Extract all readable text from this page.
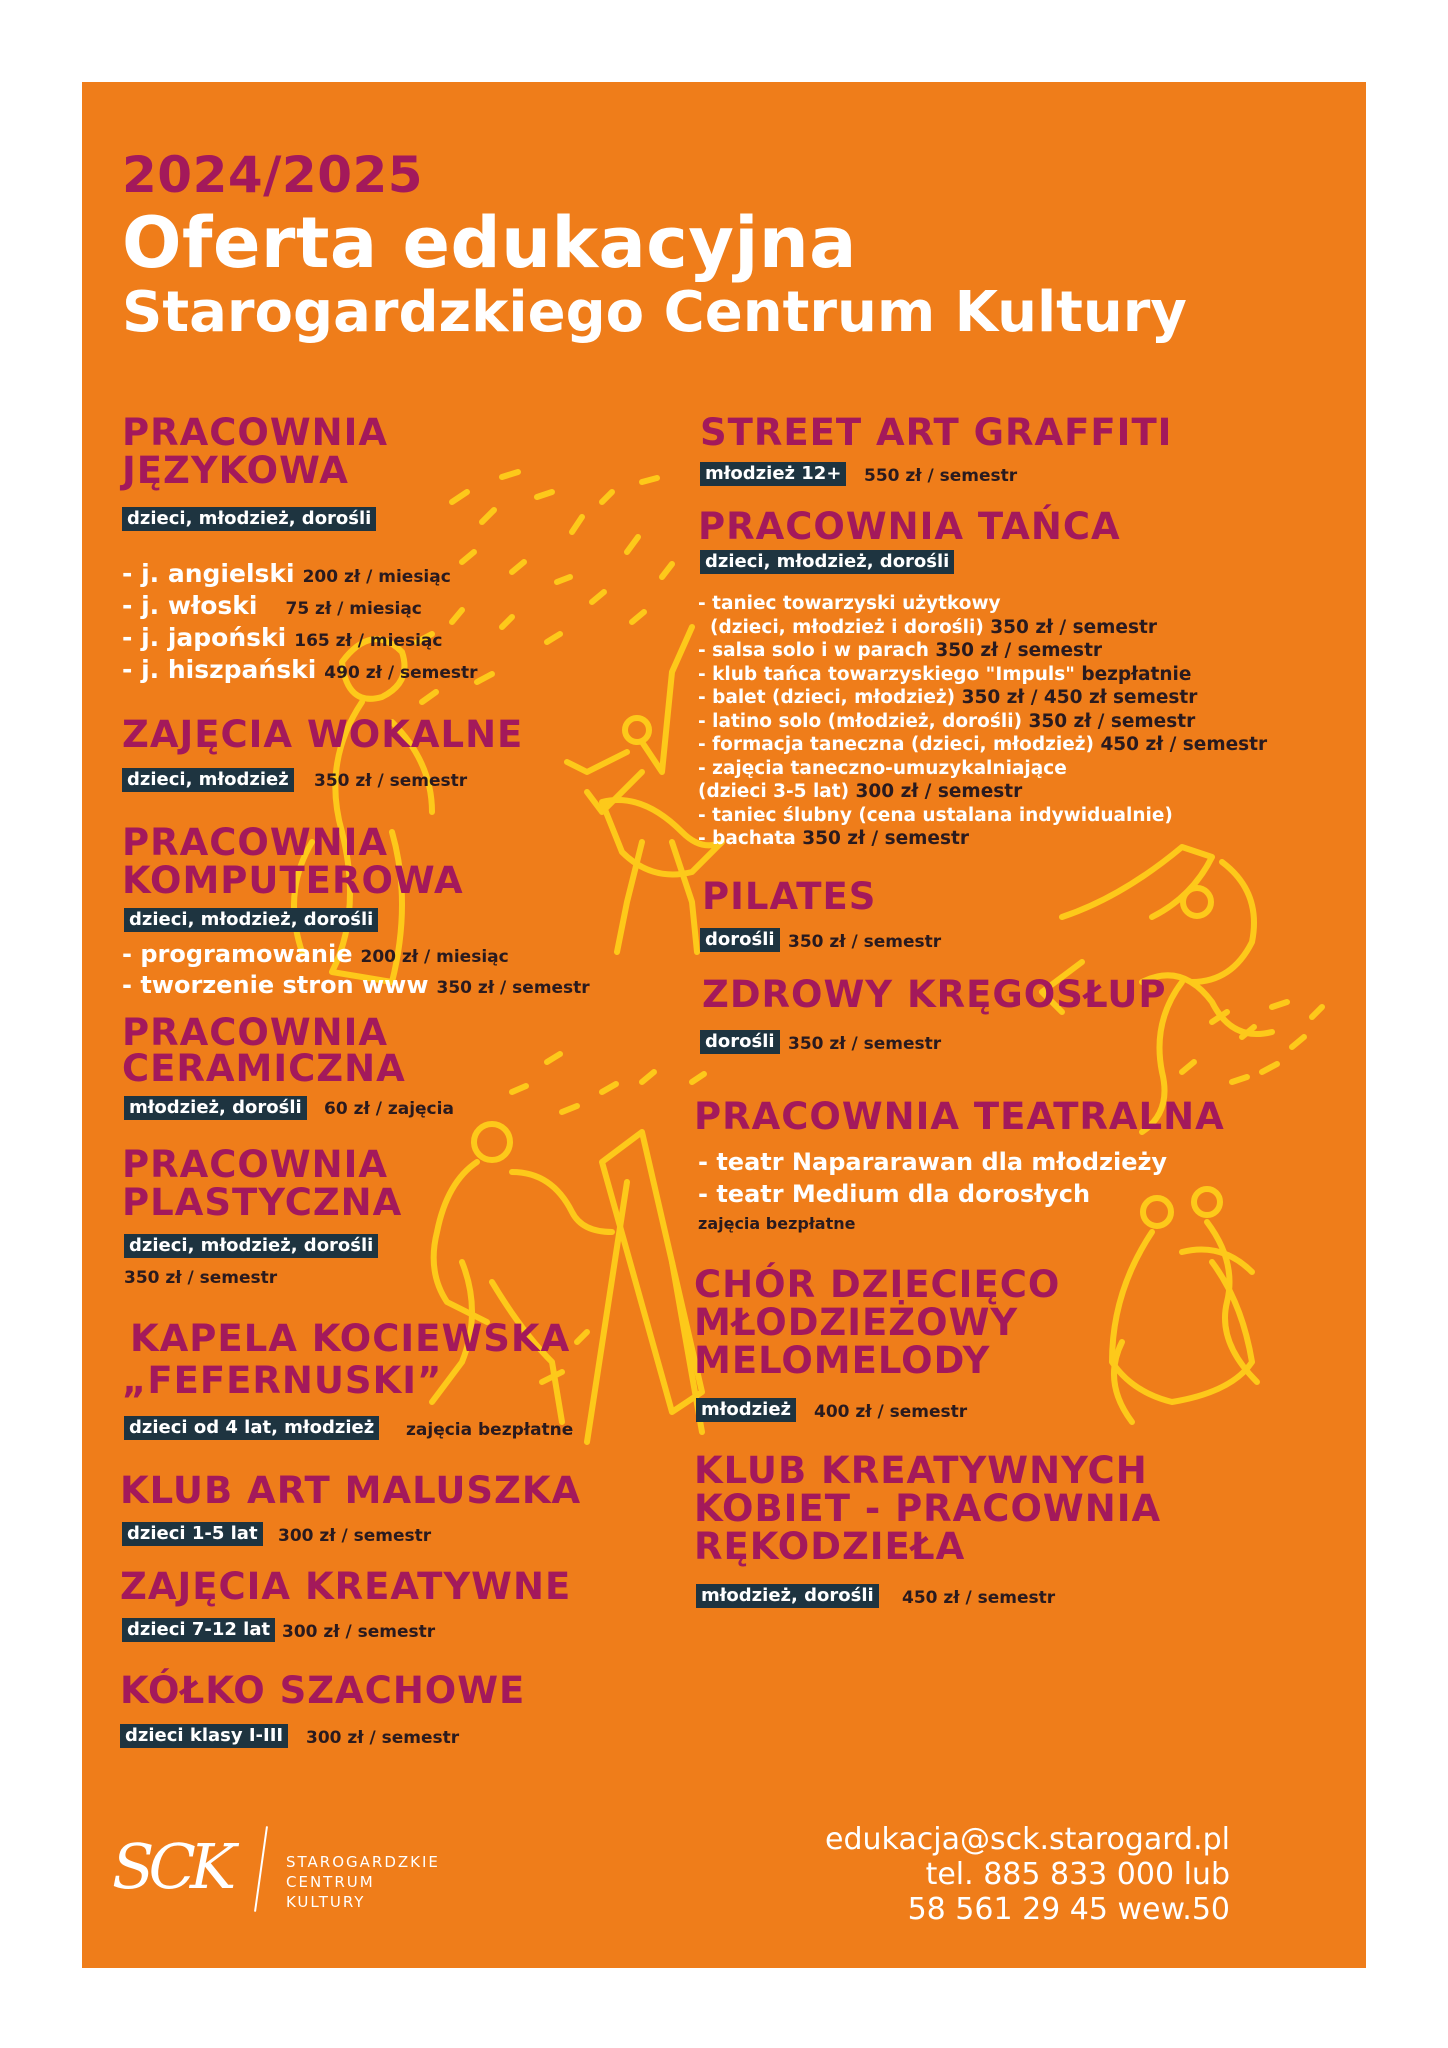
2024/2025
Oferta edukacyjna
Starogardzkiego Centrum Kultury
PRACOWNIA
JĘZYKOWA
dzieci, młodzież, dorośli
- j. angielski 200 zł / miesiąc
- j. włoski 75 zł / miesiąc
- j. japoński 165 zł / miesiąc
- j. hiszpański 490 zł / semestr
ZAJĘCIA WOKALNE
dzieci, młodzież 350 zł / semestr
PRACOWNIA
KOMPUTEROWA
dzieci, młodzież, dorośli
- programowanie 200 zł / miesiąc
- tworzenie stron www 350 zł / semestr
PRACOWNIA
CERAMICZNA
młodzież, dorośli 60 zł / zajęcia
PRACOWNIA
PLASTYCZNA
dzieci, młodzież, dorośli
350 zł / semestr
KAPELA KOCIEWSKA
„FEFERNUSKI”
dzieci od 4 lat, młodzież zajęcia bezpłatne
KLUB ART MALUSZKA
dzieci 1-5 lat 300 zł / semestr
ZAJĘCIA KREATYWNE
dzieci 7-12 lat 300 zł / semestr
KÓŁKO SZACHOWE
dzieci klasy I-III 300 zł / semestr
STREET ART GRAFFITI
młodzież 12+ 550 zł / semestr
PRACOWNIA TAŃCA
dzieci, młodzież, dorośli
- taniec towarzyski użytkowy
(dzieci, młodzież i dorośli) 350 zł / semestr
- salsa solo i w parach 350 zł / semestr
- klub tańca towarzyskiego "Impuls" bezpłatnie
- balet (dzieci, młodzież) 350 zł / 450 zł semestr
- latino solo (młodzież, dorośli) 350 zł / semestr
- formacja taneczna (dzieci, młodzież) 450 zł / semestr
- zajęcia taneczno-umuzykalniające
(dzieci 3-5 lat) 300 zł / semestr
- taniec ślubny (cena ustalana indywidualnie)
- bachata 350 zł / semestr
PILATES
dorośli 350 zł / semestr
ZDROWY KRĘGOSŁUP
dorośli 350 zł / semestr
PRACOWNIA TEATRALNA
- teatr Napararawan dla młodzieży
- teatr Medium dla dorosłych
zajęcia bezpłatne
CHÓR DZIECIĘCO
MŁODZIEŻOWY
MELOMELODY
młodzież 400 zł / semestr
KLUB KREATYWNYCH
KOBIET - PRACOWNIA
RĘKODZIEŁA
młodzież, dorośli 450 zł / semestr
SCK	STAROGARDZKIE
CENTRUM
KULTURY
edukacja@sck.starogard.pl
tel. 885 833 000 lub
58 561 29 45 wew.50
